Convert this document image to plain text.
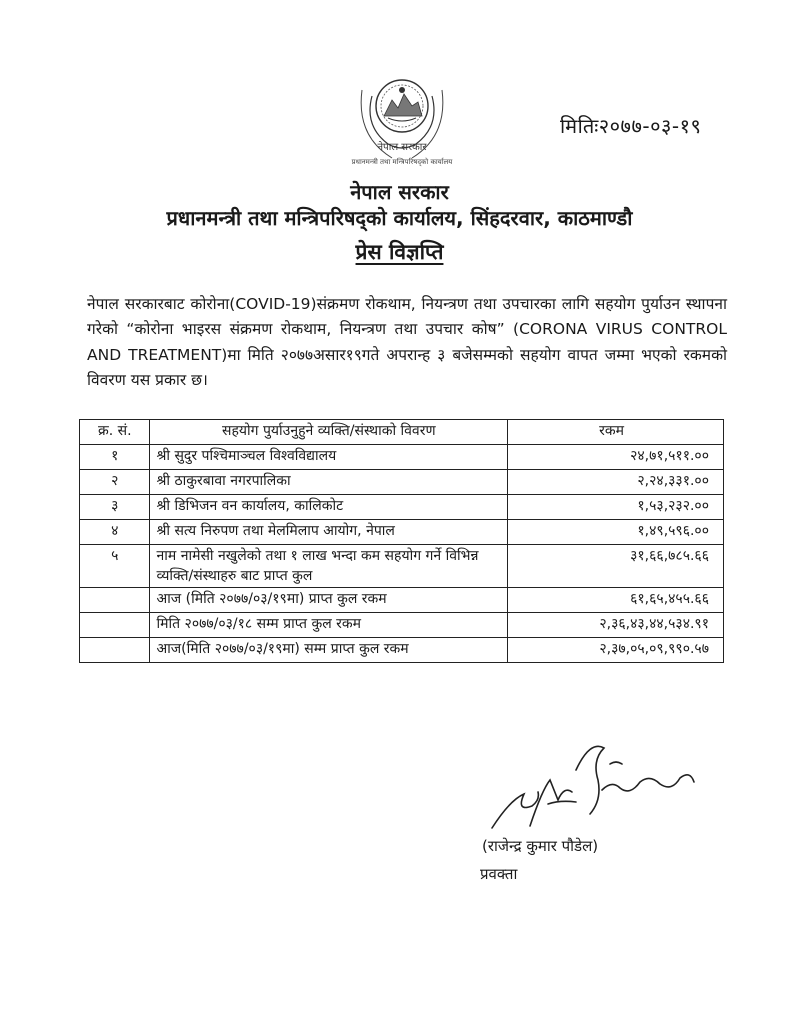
नेपाल सरकार
प्रधानमन्त्री तथा मन्त्रिपरिषद्को कार्यालय
मितिः२०७७-०३-१९
नेपाल सरकार
प्रधानमन्त्री तथा मन्त्रिपरिषद्को कार्यालय, सिंहदरवार, काठमाण्डौ
प्रेस विज्ञप्ति

नेपाल सरकारबाट कोरोना(COVID-19)संक्रमण रोकथाम, नियन्त्रण तथा उपचारका लागि सहयोग पुर्याउन स्थापना गरेको “कोरोना भाइरस संक्रमण रोकथाम, नियन्त्रण तथा उपचार कोष” (CORONA VIRUS CONTROL AND TREATMENT)मा मिति २०७७असार१९गते अपरान्ह ३ बजेसम्मको सहयोग वापत जम्मा भएको रकमको विवरण यस प्रकार छ।

क्र. सं.	सहयोग पुर्याउनुहुने व्यक्ति/संस्थाको विवरण	रकम
१	श्री सुदुर पश्चिमाञ्चल विश्वविद्यालय	२४,७१,५११.००
२	श्री ठाकुरबावा नगरपालिका	२,२४,३३१.००
३	श्री डिभिजन वन कार्यालय, कालिकोट	१,५३,२३२.००
४	श्री सत्य निरुपण तथा मेलमिलाप आयोग, नेपाल	१,४९,५९६.००
५	नाम नामेसी नखुलेको तथा १ लाख भन्दा कम सहयोग गर्ने विभिन्न व्यक्ति/संस्थाहरु बाट प्राप्त कुल	३१,६६,७८५.६६
	आज (मिति २०७७/०३/१९मा) प्राप्त कुल रकम	६१,६५,४५५.६६
	मिति २०७७/०३/१८ सम्म प्राप्त कुल रकम	२,३६,४३,४४,५३४.९१
	आज(मिति २०७७/०३/१९मा) सम्म प्राप्त कुल रकम	२,३७,०५,०९,९९०.५७
(राजेन्द्र कुमार पौडेल)
प्रवक्ता
